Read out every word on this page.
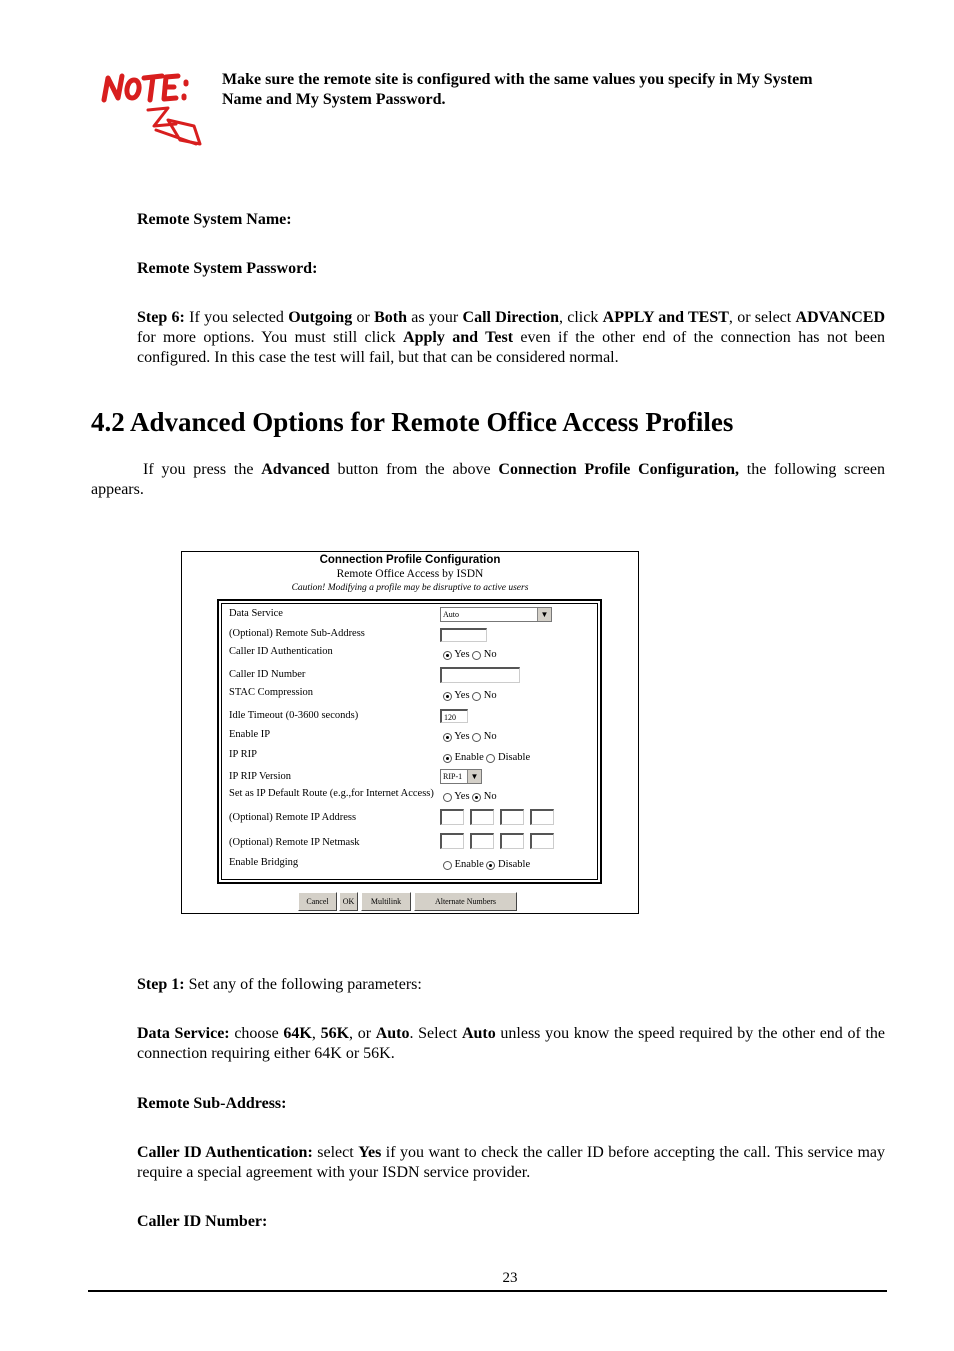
Make sure the remote site is configured with the same values you specify in My System Name and My System Password.
Remote System Name:
Remote System Password:
Step 6: If you selected Outgoing or Both as your Call Direction, click APPLY and TEST, or select ADVANCED for more options. You must still click Apply and Test even if the other end of the connection has not been configured. In this case the test will fail, but that can be considered normal.
4.2 Advanced Options for Remote Office Access Profiles
If you press the Advanced button from the above Connection Profile Configuration, the following screen appears.
Connection Profile Configuration
Remote Office Access by ISDN
Caution! Modifying a profile may be disruptive to active users
Data Service	Auto	▼
(Optional) Remote Sub-Address
Caller ID Authentication	Yes No
Caller ID Number
STAC Compression	Yes No
Idle Timeout (0-3600 seconds)	120
Enable IP	Yes No
IP RIP	Enable Disable
IP RIP Version	RIP-1	▼
Set as IP Default Route (e.g.,for Internet Access)	Yes No
(Optional) Remote IP Address
(Optional) Remote IP Netmask
Enable Bridging	Enable Disable
Cancel	OK	Multilink	Alternate Numbers
Step 1: Set any of the following parameters:
Data Service: choose 64K, 56K, or Auto. Select Auto unless you know the speed required by the other end of the connection requiring either 64K or 56K.
Remote Sub-Address:
Caller ID Authentication: select Yes if you want to check the caller ID before accepting the call. This service may require a special agreement with your ISDN service provider.
Caller ID Number:
23
